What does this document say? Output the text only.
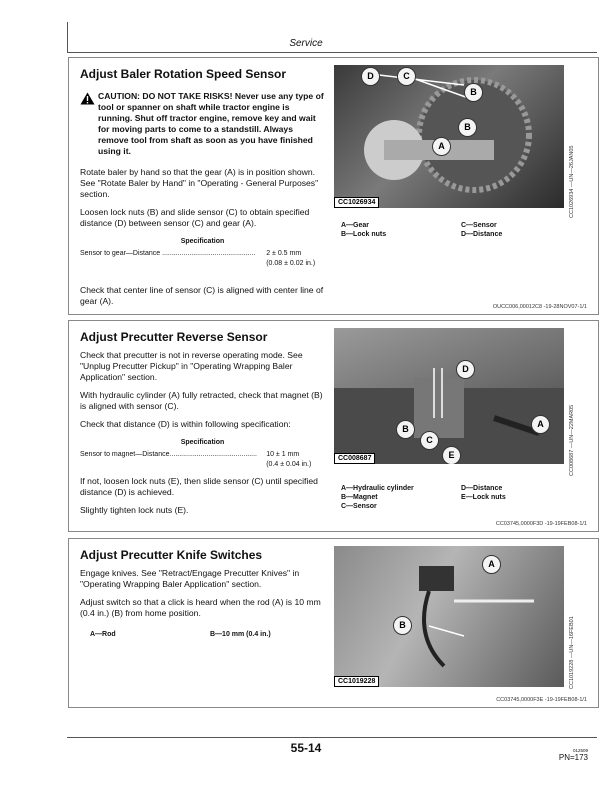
Service
Adjust Baler Rotation Speed Sensor
CAUTION: DO NOT TAKE RISKS! Never use any type of tool or spanner on shaft while tractor engine is running. Shut off tractor engine, remove key and wait for moving parts to come to a standstill. Always remove tool from shaft as soon as you have finished using it.

Rotate baler by hand so that the gear (A) is in position shown. See "Rotate Baler by Hand" in "Operating - General Purposes" section.

Loosen lock nuts (B) and slide sensor (C) to obtain specified distance (D) between sensor (C) and gear (A).

Specification
Sensor to gear—Distance ................................................	2 ± 0.5 mm
(0.08 ± 0.02 in.)

Check that center line of sensor (C) is aligned with center line of gear (A).

D	C
B
B
A
CC1026934	CC1026934 —UN—26JAN05
A—Gear	C—Sensor
B—Lock nuts	D—Distance
OUCC006,00012C8 -19-28NOV07-1/1
Adjust Precutter Reverse Sensor

Check that precutter is not in reverse operating mode. See "Unplug Precutter Pickup" in "Operating Wrapping Baler Application" section.

With hydraulic cylinder (A) fully retracted, check that magnet (B) is aligned with sensor (C).

Check that distance (D) is within following specification:

Specification
Sensor to magnet—Distance.............................................	10 ± 1 mm
(0.4 ± 0.04 in.)

If not, loosen lock nuts (E), then slide sensor (C) until specified distance (D) is achieved.

Slightly tighten lock nuts (E).

D
B
C
E
A
CC008687	CC008687 —UN—22MAR05
A—Hydraulic cylinder	D—Distance
B—Magnet	E—Lock nuts
C—Sensor
CC03745,0000F3D -19-19FEB08-1/1
Adjust Precutter Knife Switches

Engage knives. See "Retract/Engage Precutter Knives" in "Operating Wrapping Baler Application" section.

Adjust switch so that a click is heard when the rod (A) is 10 mm (0.4 in.) (B) from home position.

A—Rod	B—10 mm (0.4 in.)
A
B
CC1019228	CC1019228 —UN—16FEB01
CC03745,0000F3E -19-19FEB08-1/1
55-14	012509
PN=173
